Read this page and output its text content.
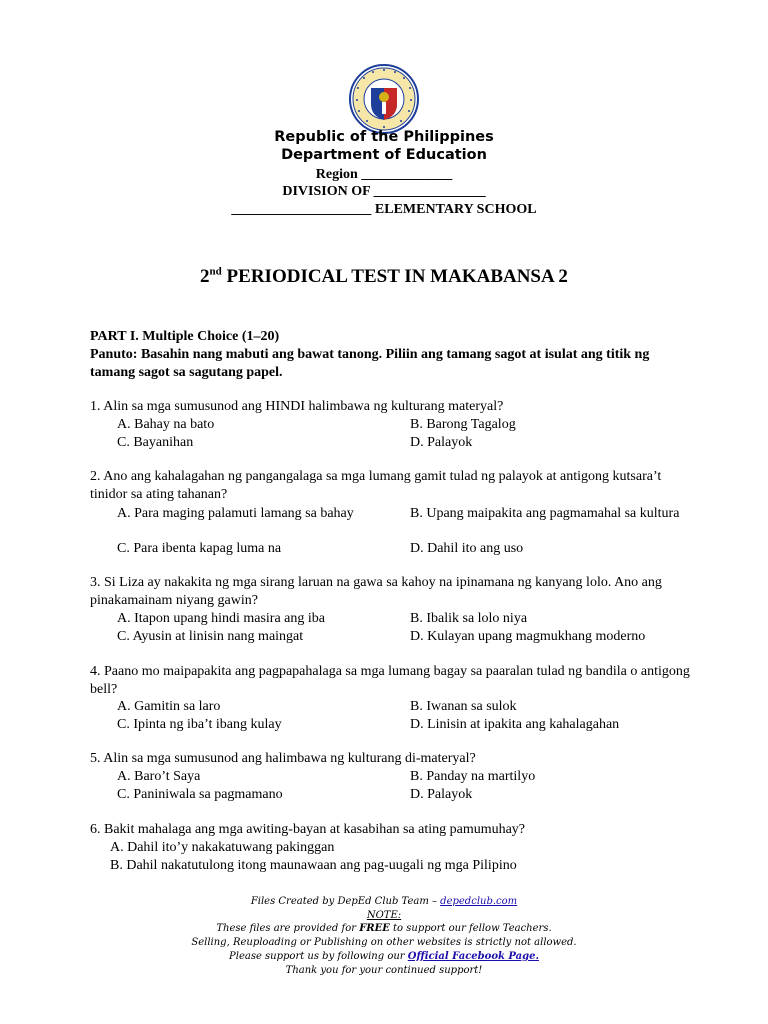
Republic of the Philippines
Department of Education
Region _____________
DIVISION OF ________________
____________________ ELEMENTARY SCHOOL
2nd PERIODICAL TEST IN MAKABANSA 2
PART I. Multiple Choice (1–20)
Panuto: Basahin nang mabuti ang bawat tanong. Piliin ang tamang sagot at isulat ang titik ng tamang sagot sa sagutang papel.
1. Alin sa mga sumusunod ang HINDI halimbawa ng kulturang materyal?
A. Bahay na bato	B. Barong Tagalog
C. Bayanihan	D. Palayok
2. Ano ang kahalagahan ng pangangalaga sa mga lumang gamit tulad ng palayok at antigong kutsara’t tinidor sa ating tahanan?
A. Para maging palamuti lamang sa bahay	B. Upang maipakita ang pagmamahal sa kultura
C. Para ibenta kapag luma na	D. Dahil ito ang uso
3. Si Liza ay nakakita ng mga sirang laruan na gawa sa kahoy na ipinamana ng kanyang lolo. Ano ang pinakamainam niyang gawin?
A. Itapon upang hindi masira ang iba	B. Ibalik sa lolo niya
C. Ayusin at linisin nang maingat	D. Kulayan upang magmukhang moderno
4. Paano mo maipapakita ang pagpapahalaga sa mga lumang bagay sa paaralan tulad ng bandila o antigong bell?
A. Gamitin sa laro	B. Iwanan sa sulok
C. Ipinta ng iba’t ibang kulay	D. Linisin at ipakita ang kahalagahan
5. Alin sa mga sumusunod ang halimbawa ng kulturang di-materyal?
A. Baro’t Saya	B. Panday na martilyo
C. Paniniwala sa pagmamano	D. Palayok
6. Bakit mahalaga ang mga awiting-bayan at kasabihan sa ating pamumuhay?
A. Dahil ito’y nakakatuwang pakinggan
B. Dahil nakatutulong itong maunawaan ang pag-uugali ng mga Pilipino
Files Created by DepEd Club Team – depedclub.com
NOTE:
These files are provided for FREE to support our fellow Teachers.
Selling, Reuploading or Publishing on other websites is strictly not allowed.
Please support us by following our Official Facebook Page.
Thank you for your continued support!
